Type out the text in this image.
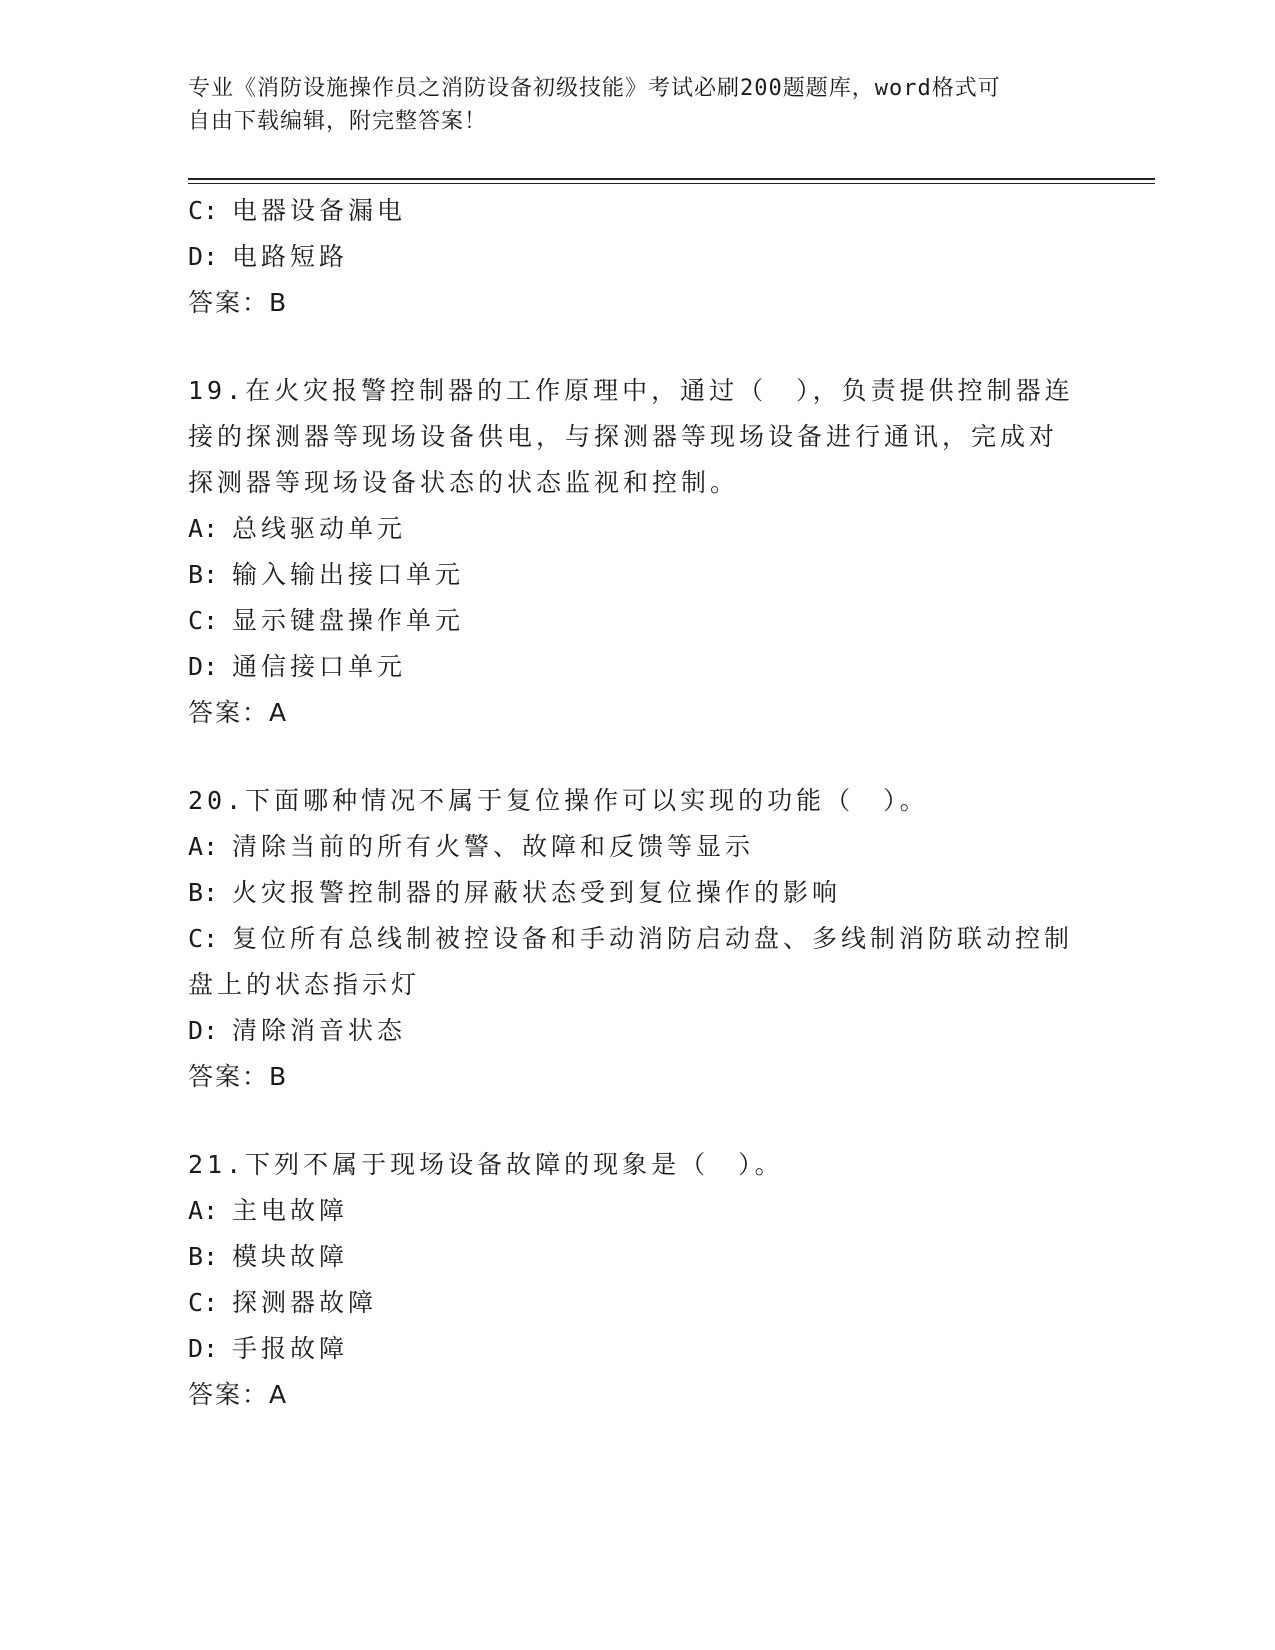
专业《消防设施操作员之消防设备初级技能》考试必刷200题题库，word格式可
自由下载编辑，附完整答案！
C: 电器设备漏电
D: 电路短路
答案：B
19.在火灾报警控制器的工作原理中，通过（　），负责提供控制器连
接的探测器等现场设备供电，与探测器等现场设备进行通讯，完成对
探测器等现场设备状态的状态监视和控制。
A: 总线驱动单元
B: 输入输出接口单元
C: 显示键盘操作单元
D: 通信接口单元
答案：A
20.下面哪种情况不属于复位操作可以实现的功能（　）。
A: 清除当前的所有火警、故障和反馈等显示
B: 火灾报警控制器的屏蔽状态受到复位操作的影响
C: 复位所有总线制被控设备和手动消防启动盘、多线制消防联动控制
盘上的状态指示灯
D: 清除消音状态
答案：B
21.下列不属于现场设备故障的现象是（　）。
A: 主电故障
B: 模块故障
C: 探测器故障
D: 手报故障
答案：A
